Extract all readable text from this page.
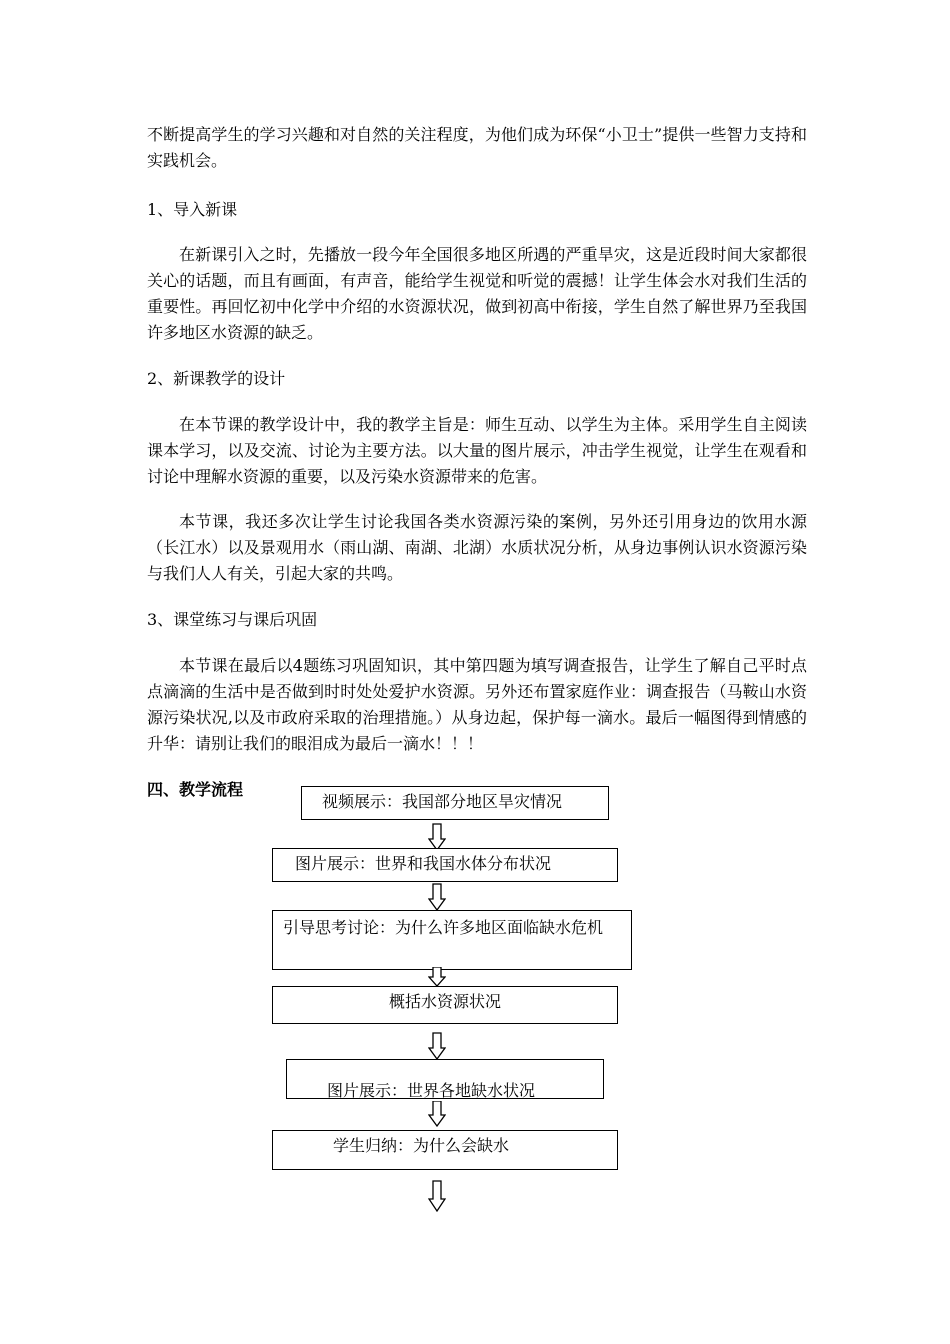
不断提高学生的学习兴趣和对自然的关注程度，为他们成为环保“小卫士”提供一些智力支持和实践机会。

1、导入新课

在新课引入之时，先播放一段今年全国很多地区所遇的严重旱灾，这是近段时间大家都很关心的话题，而且有画面，有声音，能给学生视觉和听觉的震撼！让学生体会水对我们生活的重要性。再回忆初中化学中介绍的水资源状况，做到初高中衔接，学生自然了解世界乃至我国许多地区水资源的缺乏。

2、新课教学的设计

在本节课的教学设计中，我的教学主旨是：师生互动、以学生为主体。采用学生自主阅读课本学习，以及交流、讨论为主要方法。以大量的图片展示，冲击学生视觉，让学生在观看和讨论中理解水资源的重要，以及污染水资源带来的危害。

本节课，我还多次让学生讨论我国各类水资源污染的案例，另外还引用身边的饮用水源（长江水）以及景观用水（雨山湖、南湖、北湖）水质状况分析，从身边事例认识水资源污染与我们人人有关，引起大家的共鸣。

3、课堂练习与课后巩固

本节课在最后以4题练习巩固知识，其中第四题为填写调查报告，让学生了解自己平时点点滴滴的生活中是否做到时时处处爱护水资源。另外还布置家庭作业：调查报告（马鞍山水资源污染状况,以及市政府采取的治理措施。）从身边起，保护每一滴水。最后一幅图得到情感的升华：请别让我们的眼泪成为最后一滴水！！！

四、教学流程

视频展示：我国部分地区旱灾情况
图片展示：世界和我国水体分布状况
引导思考讨论：为什么许多地区面临缺水危机
概括水资源状况
图片展示：世界各地缺水状况
学生归纳：为什么会缺水
